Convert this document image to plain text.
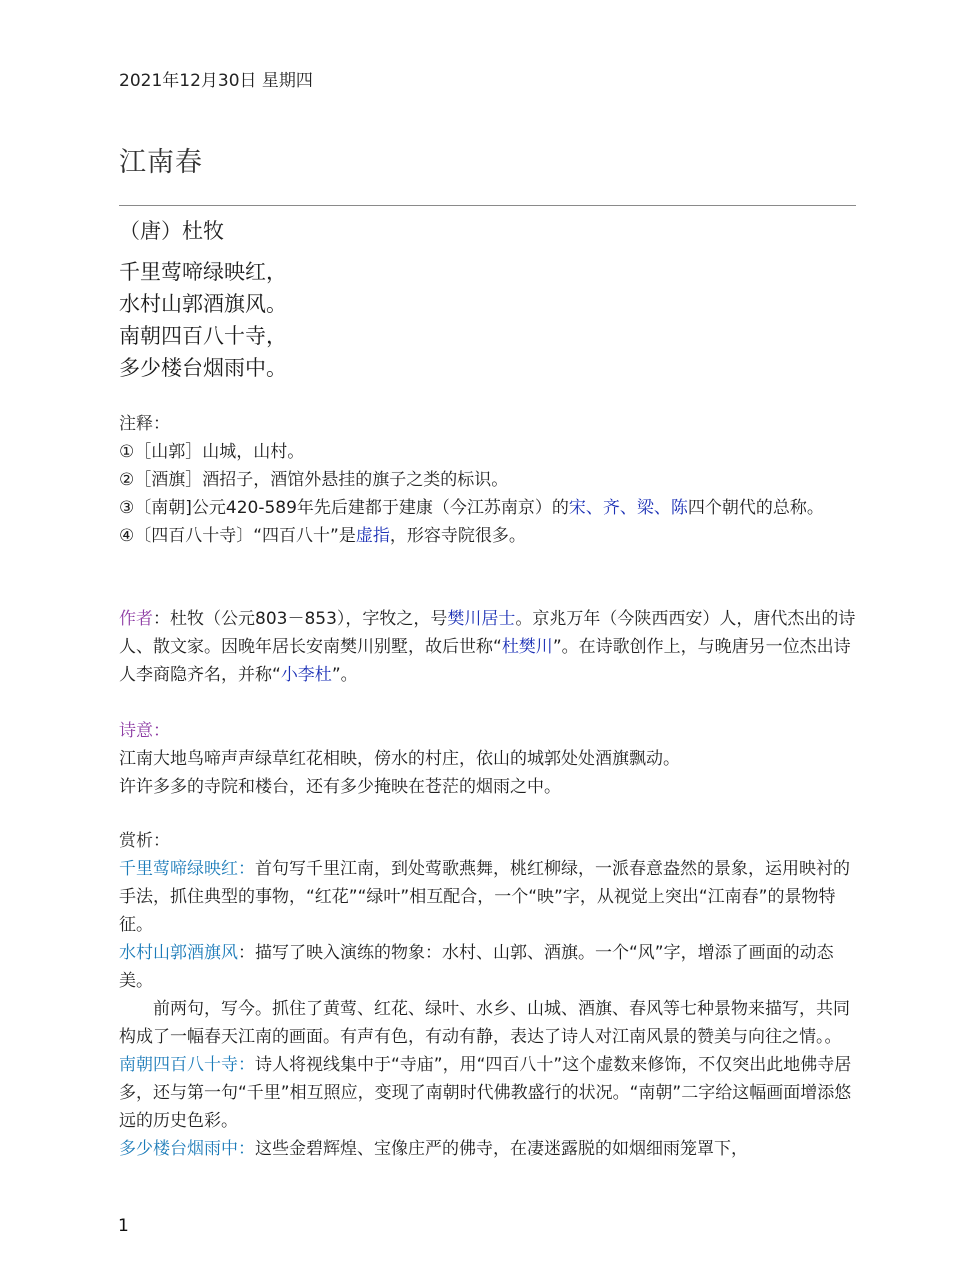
2021年12月30日 星期四
江南春
（唐）杜牧
千里莺啼绿映红，
水村山郭酒旗风。
南朝四百八十寺，
多少楼台烟雨中。
注释：
①［山郭］山城，山村。
②［酒旗］酒招子，酒馆外悬挂的旗子之类的标识。
③〔南朝]公元420-589年先后建都于建康（今江苏南京）的宋、齐、梁、陈四个朝代的总称。
④〔四百八十寺〕“四百八十”是虚指，形容寺院很多。
作者：杜牧（公元803－853），字牧之，号樊川居士。京兆万年（今陕西西安）人，唐代杰出的诗人、散文家。因晚年居长安南樊川别墅，故后世称“杜樊川”。在诗歌创作上，与晚唐另一位杰出诗人李商隐齐名，并称“小李杜”。
诗意：
江南大地鸟啼声声绿草红花相映，傍水的村庄，依山的城郭处处酒旗飘动。
许许多多的寺院和楼台，还有多少掩映在苍茫的烟雨之中。
赏析：
千里莺啼绿映红：首句写千里江南，到处莺歌燕舞，桃红柳绿，一派春意盎然的景象，运用映衬的手法，抓住典型的事物，“红花”“绿叶”相互配合，一个“映”字，从视觉上突出“江南春”的景物特征。
水村山郭酒旗风：描写了映入演练的物象：水村、山郭、酒旗。一个“风”字，增添了画面的动态美。
前两句，写今。抓住了黄莺、红花、绿叶、水乡、山城、酒旗、春风等七种景物来描写，共同构成了一幅春天江南的画面。有声有色，有动有静，表达了诗人对江南风景的赞美与向往之情。。
南朝四百八十寺：诗人将视线集中于“寺庙”，用“四百八十”这个虚数来修饰，不仅突出此地佛寺居多，还与第一句“千里”相互照应，变现了南朝时代佛教盛行的状况。“南朝”二字给这幅画面增添悠远的历史色彩。
多少楼台烟雨中：这些金碧辉煌、宝像庄严的佛寺，在凄迷露脱的如烟细雨笼罩下，
1
